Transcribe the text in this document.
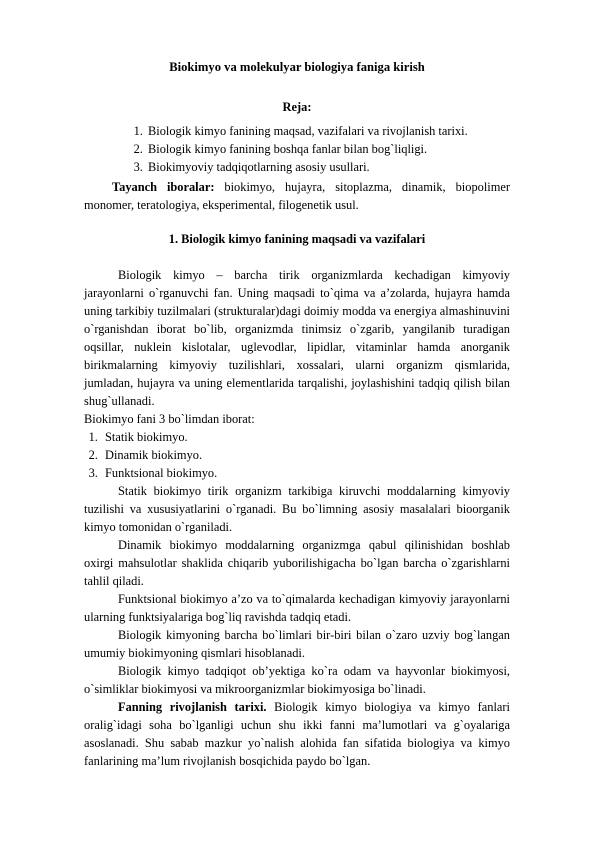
Biokimyo va molekulyar biologiya faniga kirish

Reja:

1. Biologik kimyo fanining maqsad, vazifalari va rivojlanish tarixi.
2. Biologik kimyo fanining boshqa fanlar bilan bog`liqligi.
3. Biokimyoviy tadqiqotlarning asosiy usullari.

Tayanch iboralar: biokimyo, hujayra, sitoplazma, dinamik, biopolimer monomer, teratologiya, eksperimental, filogenetik usul.

1. Biologik kimyo fanining maqsadi va vazifalari

Biologik kimyo – barcha tirik organizmlarda kechadigan kimyoviy jarayonlarni o`rganuvchi fan. Uning maqsadi to`qima va a’zolarda, hujayra hamda uning tarkibiy tuzilmalari (strukturalar)dagi doimiy modda va energiya almashinuvini o`rganishdan iborat bo`lib, organizmda tinimsiz o`zgarib, yangilanib turadigan oqsillar, nuklein kislotalar, uglevodlar, lipidlar, vitaminlar hamda anorganik birikmalarning kimyoviy tuzilishlari, xossalari, ularni organizm qismlarida, jumladan, hujayra va uning elementlarida tarqalishi, joylashishini tadqiq qilish bilan shug`ullanadi.

Biokimyo fani 3 bo`limdan iborat:

1. Statik biokimyo.
2. Dinamik biokimyo.
3. Funktsional biokimyo.

Statik biokimyo tirik organizm tarkibiga kiruvchi moddalarning kimyoviy tuzilishi va xususiyatlarini o`rganadi. Bu bo`limning asosiy masalalari bioorganik kimyo tomonidan o`rganiladi.

Dinamik biokimyo moddalarning organizmga qabul qilinishidan boshlab oxirgi mahsulotlar shaklida chiqarib yuborilishigacha bo`lgan barcha o`zgarishlarni tahlil qiladi.

Funktsional biokimyo a’zo va to`qimalarda kechadigan kimyoviy jarayonlarni ularning funktsiyalariga bog`liq ravishda tadqiq etadi.

Biologik kimyoning barcha bo`limlari bir-biri bilan o`zaro uzviy bog`langan umumiy biokimyoning qismlari hisoblanadi.

Biologik kimyo tadqiqot ob’yektiga ko`ra odam va hayvonlar biokimyosi, o`simliklar biokimyosi va mikroorganizmlar biokimyosiga bo`linadi.

Fanning rivojlanish tarixi. Biologik kimyo biologiya va kimyo fanlari oralig`idagi soha bo`lganligi uchun shu ikki fanni ma’lumotlari va g`oyalariga asoslanadi. Shu sabab mazkur yo`nalish alohida fan sifatida biologiya va kimyo fanlarining ma’lum rivojlanish bosqichida paydo bo`lgan.
